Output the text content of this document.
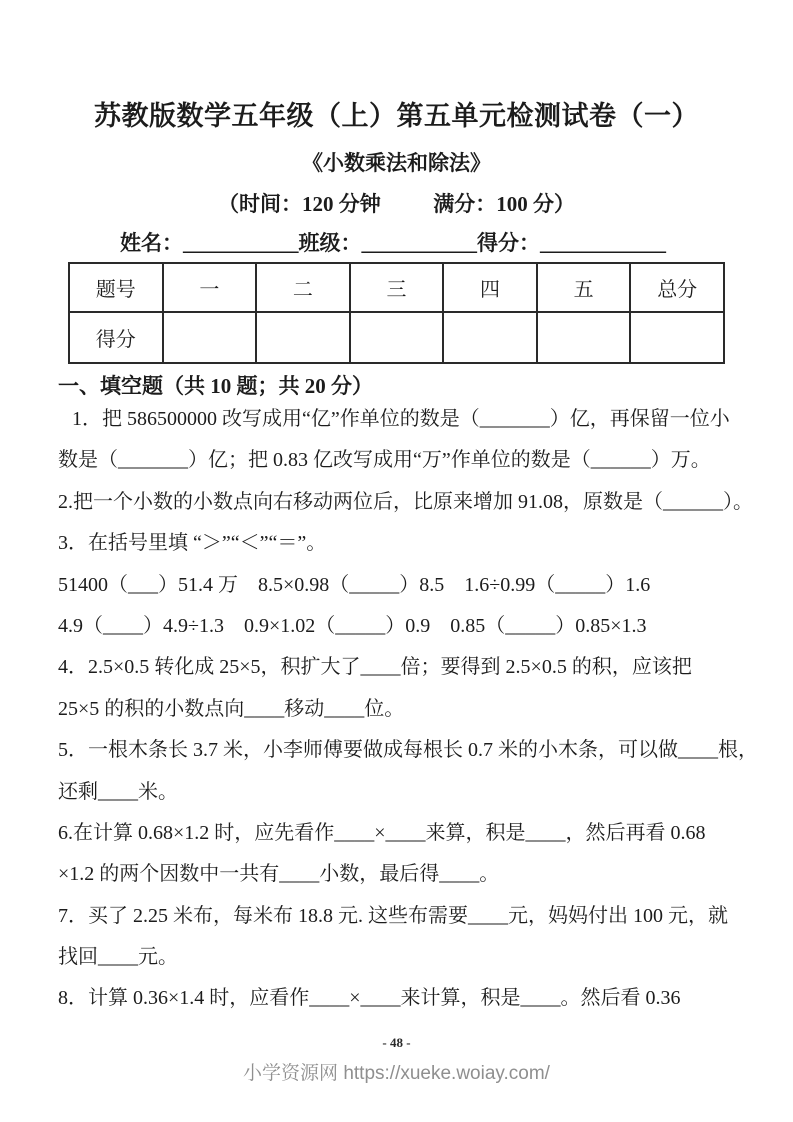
苏教版数学五年级（上）第五单元检测试卷（一）
《小数乘法和除法》
（时间：120 分钟          满分：100 分）
姓名：___________班级：___________得分：____________
题号	一	二	三	四	五	总分
得分						
一、填空题（共 10 题；共 20 分）
1．把 586500000 改写成用“亿”作单位的数是（_______）亿，再保留一位小
数是（_______）亿；把 0.83 亿改写成用“万”作单位的数是（______）万。
2.把一个小数的小数点向右移动两位后，比原来增加 91.08，原数是（______）。
3．在括号里填 “＞”“＜”“＝”。
51400（___）51.4 万    8.5×0.98（_____）8.5    1.6÷0.99（_____）1.6
4.9（____）4.9÷1.3    0.9×1.02（_____）0.9    0.85（_____）0.85×1.3
4．2.5×0.5 转化成 25×5，积扩大了____倍；要得到 2.5×0.5 的积，应该把
25×5 的积的小数点向____移动____位。
5．一根木条长 3.7 米，小李师傅要做成每根长 0.7 米的小木条，可以做____根，
还剩____米。
6.在计算 0.68×1.2 时，应先看作____×____来算，积是____，然后再看 0.68
×1.2 的两个因数中一共有____小数，最后得____。
7．买了 2.25 米布，每米布 18.8 元. 这些布需要____元，妈妈付出 100 元，就
找回____元。
8．计算 0.36×1.4 时，应看作____×____来计算，积是____。然后看 0.36
- 48 -
小学资源网 https://xueke.woiay.com/
